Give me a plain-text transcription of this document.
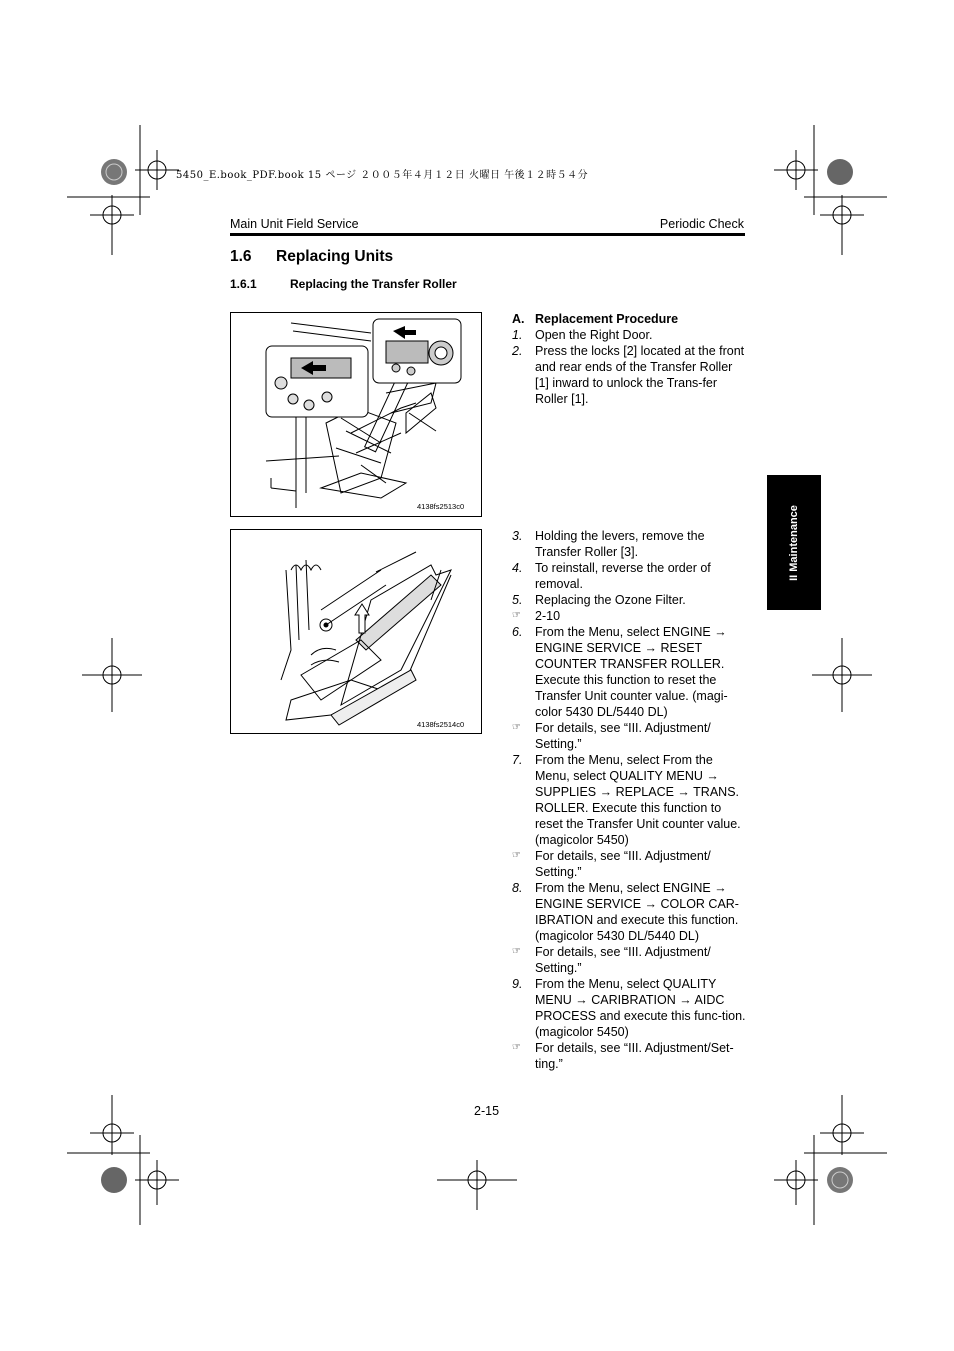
5450_E.book_PDF.book 15 ページ ２００５年４月１２日 火曜日 午後１２時５４分
Main Unit Field Service	Periodic Check
1.6 Replacing Units
1.6.1	Replacing the Transfer Roller
4138fs2513c0
4138fs2514c0
II Maintenance
A. Replacement Procedure
1.	Open the Right Door.
2.	Press the locks [2] located at the front and rear ends of the Transfer Roller [1] inward to unlock the Trans-fer Roller [1].
3.	Holding the levers, remove the Transfer Roller [3].
4.	To reinstall, reverse the order of removal.
5.	Replacing the Ozone Filter.
☞	2-10
6.	From the Menu, select ENGINE → ENGINE SERVICE → RESET COUNTER TRANSFER ROLLER. Execute this function to reset the Transfer Unit counter value. (magi-color 5430 DL/5440 DL)
☞	For details, see “III. Adjustment/ Setting.”
7.	From the Menu, select From the Menu, select QUALITY MENU → SUPPLIES → REPLACE → TRANS. ROLLER. Execute this function to reset the Transfer Unit counter value. (magicolor 5450)
☞	For details, see “III. Adjustment/ Setting.”
8.	From the Menu, select ENGINE → ENGINE SERVICE → COLOR CAR-IBRATION and execute this function. (magicolor 5430 DL/5440 DL)
☞	For details, see “III. Adjustment/ Setting.”
9.	From the Menu, select QUALITY MENU → CARIBRATION → AIDC PROCESS and execute this func-tion. (magicolor 5450)
☞	For details, see “III. Adjustment/Set-ting.”
2-15
